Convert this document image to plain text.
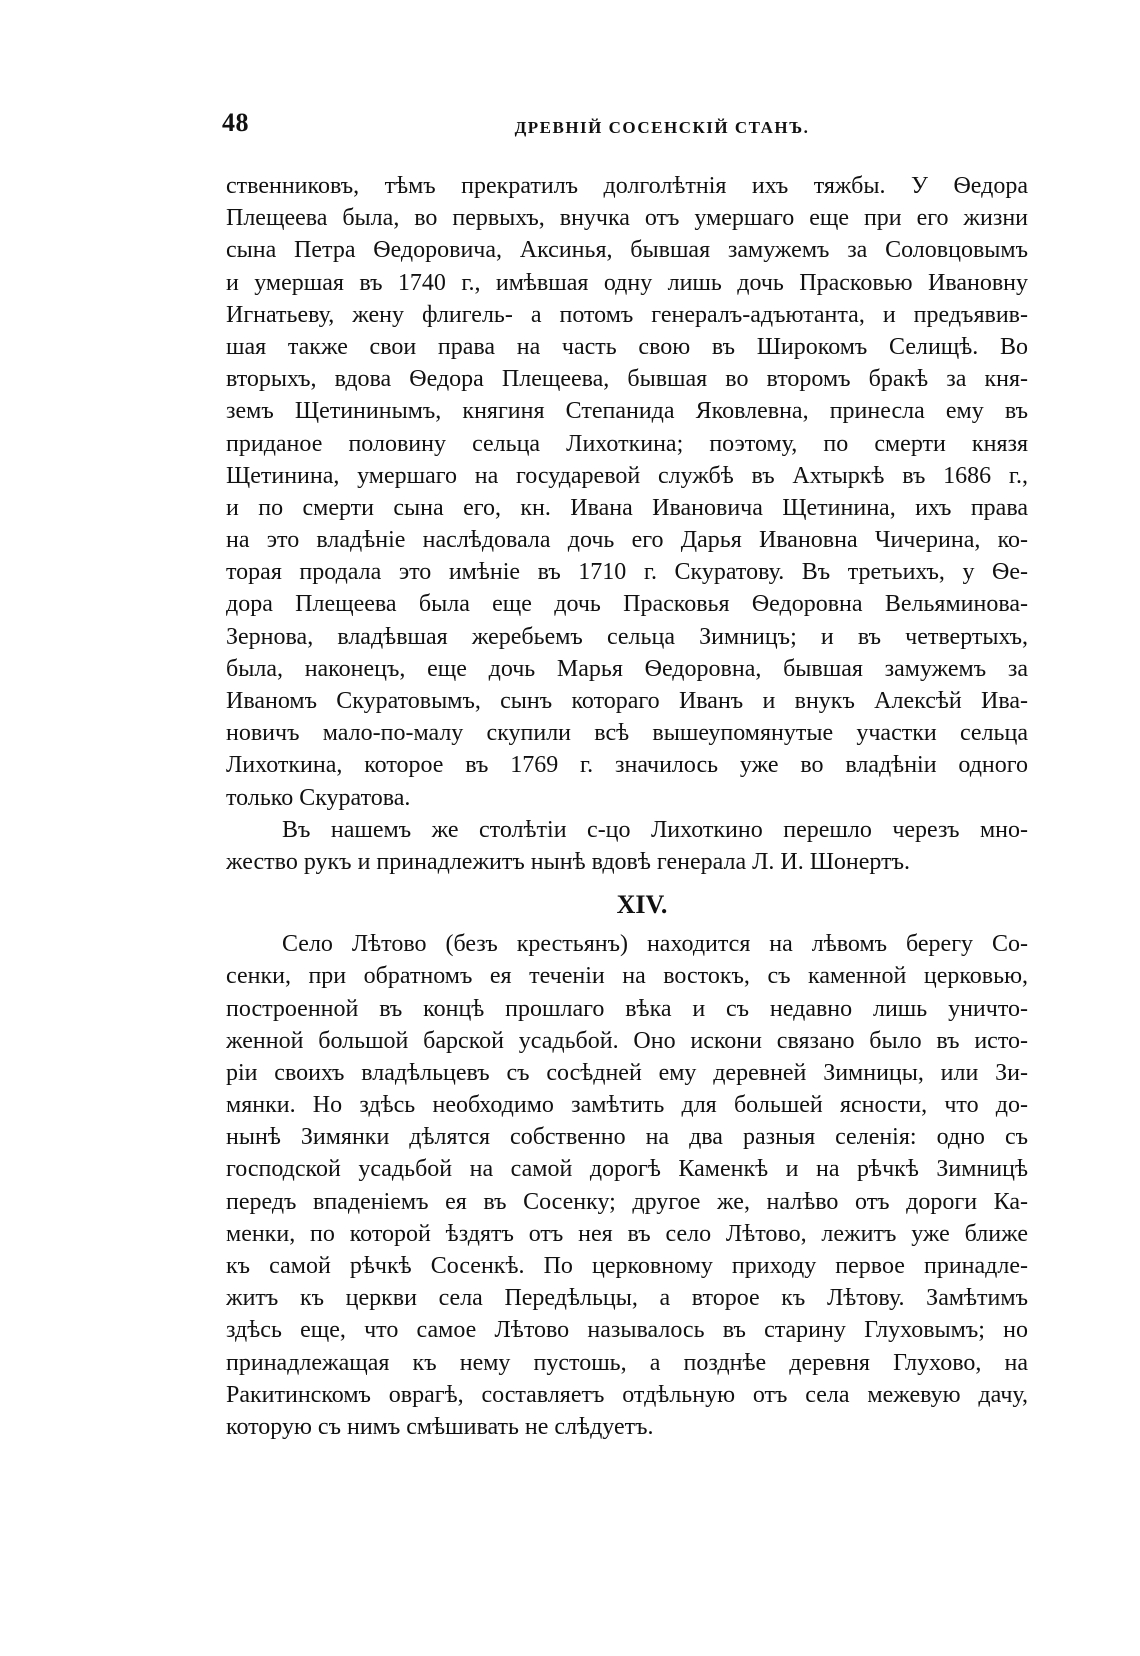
48	ДРЕВНІЙ СОСЕНСКІЙ СТАНЪ.
ственниковъ, тѣмъ прекратилъ долголѣтнія ихъ тяжбы. У Ѳедора
Плещеева была, во первыхъ, внучка отъ умершаго еще при его жизни
сына Петра Ѳедоровича, Аксинья, бывшая замужемъ за Соловцовымъ
и умершая въ 1740 г., имѣвшая одну лишь дочь Прасковью Ивановну
Игнатьеву, жену флигель- а потомъ генералъ-адъютанта, и предъявив-
шая также свои права на часть свою въ Широкомъ Селищѣ. Во
вторыхъ, вдова Ѳедора Плещеева, бывшая во второмъ бракѣ за кня-
земъ Щетининымъ, княгиня Степанида Яковлевна, принесла ему въ
приданое половину сельца Лихоткина; поэтому, по смерти князя
Щетинина, умершаго на государевой службѣ въ Ахтыркѣ въ 1686 г.,
и по смерти сына его, кн. Ивана Ивановича Щетинина, ихъ права
на это владѣніе наслѣдовала дочь его Дарья Ивановна Чичерина, ко-
торая продала это имѣніе въ 1710 г. Скуратову. Въ третьихъ, у Ѳе-
дора Плещеева была еще дочь Прасковья Ѳедоровна Вельяминова-
Зернова, владѣвшая жеребьемъ сельца Зимницъ; и въ четвертыхъ,
была, наконецъ, еще дочь Марья Ѳедоровна, бывшая замужемъ за
Иваномъ Скуратовымъ, сынъ котораго Иванъ и внукъ Алексѣй Ива-
новичъ мало-по-малу скупили всѣ вышеупомянутые участки сельца
Лихоткина, которое въ 1769 г. значилось уже во владѣніи одного
только Скуратова.
Въ нашемъ же столѣтіи с-цо Лихоткино перешло черезъ мно-
жество рукъ и принадлежитъ нынѣ вдовѣ генерала Л. И. Шонертъ.
XIV.
Село Лѣтово (безъ крестьянъ) находится на лѣвомъ берегу Со-
сенки, при обратномъ ея теченіи на востокъ, съ каменной церковью,
построенной въ концѣ прошлаго вѣка и съ недавно лишь уничто-
женной большой барской усадьбой. Оно искони связано было въ исто-
ріи своихъ владѣльцевъ съ сосѣдней ему деревней Зимницы, или Зи-
мянки. Но здѣсь необходимо замѣтить для большей ясности, что до-
нынѣ Зимянки дѣлятся собственно на два разныя селенія: одно съ
господской усадьбой на самой дорогѣ Каменкѣ и на рѣчкѣ Зимницѣ
передъ впаденіемъ ея въ Сосенку; другое же, налѣво отъ дороги Ка-
менки, по которой ѣздятъ отъ нея въ село Лѣтово, лежитъ уже ближе
къ самой рѣчкѣ Сосенкѣ. По церковному приходу первое принадле-
житъ къ церкви села Передѣльцы, а второе къ Лѣтову. Замѣтимъ
здѣсь еще, что самое Лѣтово называлось въ старину Глуховымъ; но
принадлежащая къ нему пустошь, а позднѣе деревня Глухово, на
Ракитинскомъ оврагѣ, составляетъ отдѣльную отъ села межевую дачу,
которую съ нимъ смѣшивать не слѣдуетъ.
